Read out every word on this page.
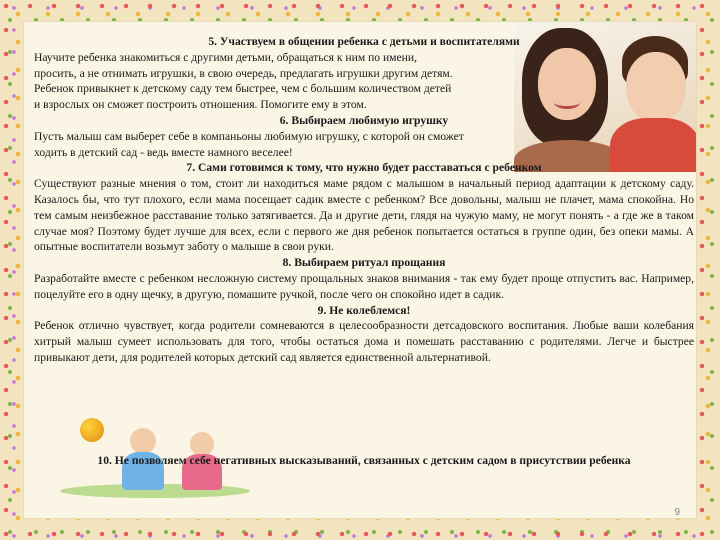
5. Участвуем в общении ребенка с детьми и воспитателями

Научите ребенка знакомиться с другими детьми, обращаться к ним по имени,

просить, а не отнимать игрушки, в свою очередь, предлагать игрушки другим детям.

Ребенок привыкнет к детскому саду тем быстрее, чем с большим количеством детей

и взрослых он сможет построить отношения. Помогите ему в этом.

6. Выбираем любимую игрушку

Пусть малыш сам выберет себе в компаньоны любимую игрушку, с которой он сможет

ходить в детский сад - ведь вместе намного веселее!

7. Сами готовимся к тому, что нужно будет расставаться с ребенком

Существуют разные мнения о том, стоит ли находиться маме рядом с малышом в начальный период адаптации к детскому саду. Казалось бы, что тут плохого, если мама посещает садик вместе с ребенком? Все довольны, малыш не плачет, мама спокойна. Но тем самым неизбежное расставание только затягивается. Да и другие дети, глядя на чужую маму, не могут понять - а где же в таком случае моя? Поэтому будет лучше для всех, если с первого же дня ребенок попытается остаться в группе один, без опеки мамы. А опытные воспитатели возьмут заботу о малыше в свои руки.

8. Выбираем ритуал прощания

Разработайте вместе с ребенком несложную систему прощальных знаков внимания - так ему будет проще отпустить вас. Например, поцелуйте его в одну щечку, в другую, помашите ручкой, после чего он спокойно идет в садик.

9. Не колеблемся!

Ребенок отлично чувствует, когда родители сомневаются в целесообразности детсадовского воспитания. Любые ваши колебания хитрый малыш сумеет использовать для того, чтобы остаться дома и помешать расставанию с родителями. Легче и быстрее привыкают дети, для родителей которых детский сад является единственной альтернативой.

10. Не позволяем себе негативных высказываний, связанных с детским садом в присутствии ребенка
9
